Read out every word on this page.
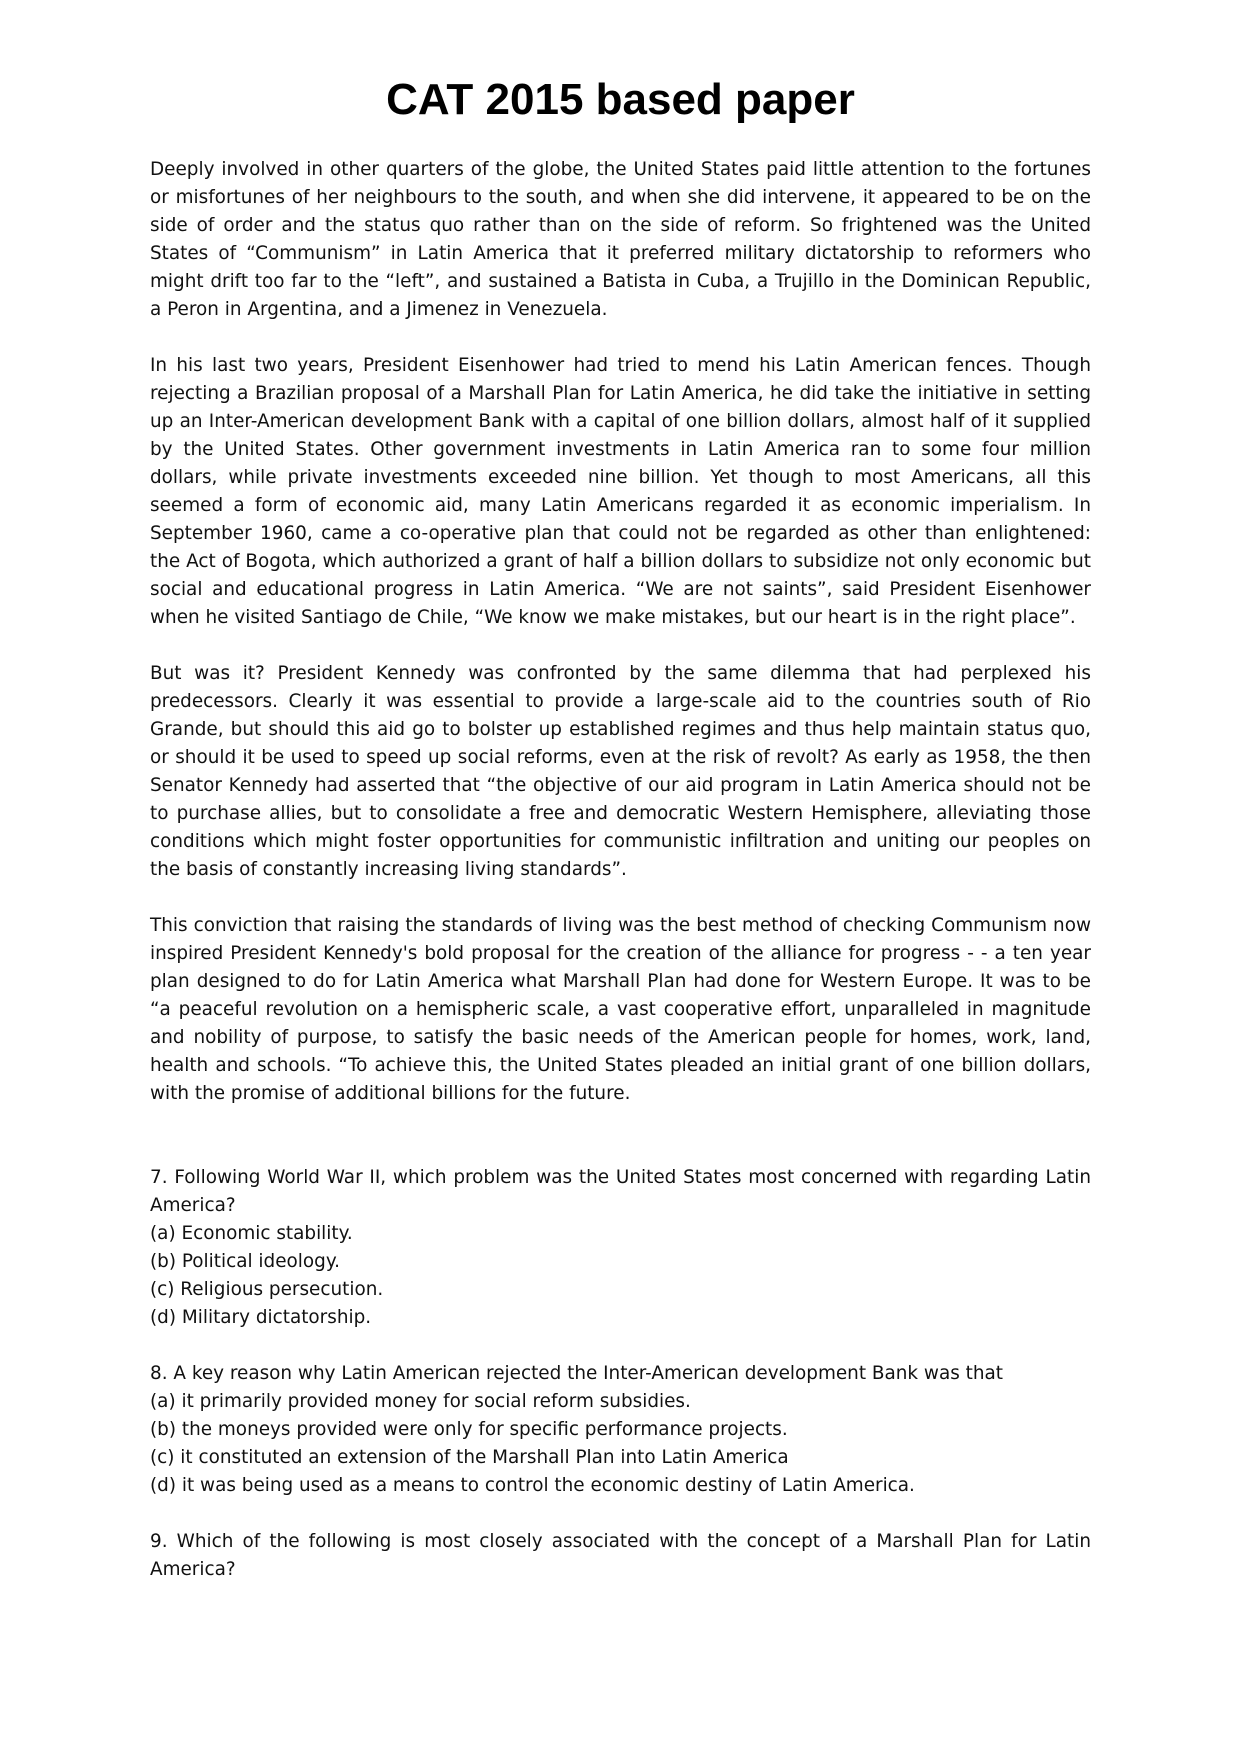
CAT 2015 based paper

Deeply involved in other quarters of the globe, the United States paid little attention to the fortunes or misfortunes of her neighbours to the south, and when she did intervene, it appeared to be on the side of order and the status quo rather than on the side of reform. So frightened was the United States of “Communism” in Latin America that it preferred military dictatorship to reformers who might drift too far to the “left”, and sustained a Batista in Cuba, a Trujillo in the Dominican Republic, a Peron in Argentina, and a Jimenez in Venezuela.

In his last two years, President Eisenhower had tried to mend his Latin American fences. Though rejecting a Brazilian proposal of a Marshall Plan for Latin America, he did take the initiative in setting up an Inter-American development Bank with a capital of one billion dollars, almost half of it supplied by the United States. Other government investments in Latin America ran to some four million dollars, while private investments exceeded nine billion. Yet though to most Americans, all this seemed a form of economic aid, many Latin Americans regarded it as economic imperialism. In September 1960, came a co-operative plan that could not be regarded as other than enlightened: the Act of Bogota, which authorized a grant of half a billion dollars to subsidize not only economic but social and educational progress in Latin America. “We are not saints”, said President Eisenhower when he visited Santiago de Chile, “We know we make mistakes, but our heart is in the right place”.

But was it? President Kennedy was confronted by the same dilemma that had perplexed his predecessors. Clearly it was essential to provide a large-scale aid to the countries south of Rio Grande, but should this aid go to bolster up established regimes and thus help maintain status quo, or should it be used to speed up social reforms, even at the risk of revolt? As early as 1958, the then Senator Kennedy had asserted that “the objective of our aid program in Latin America should not be to purchase allies, but to consolidate a free and democratic Western Hemisphere, alleviating those conditions which might foster opportunities for communistic infiltration and uniting our peoples on the basis of constantly increasing living standards”.

This conviction that raising the standards of living was the best method of checking Communism now inspired President Kennedy's bold proposal for the creation of the alliance for progress - - a ten year plan designed to do for Latin America what Marshall Plan had done for Western Europe. It was to be “a peaceful revolution on a hemispheric scale, a vast cooperative effort, unparalleled in magnitude and nobility of purpose, to satisfy the basic needs of the American people for homes, work, land, health and schools. “To achieve this, the United States pleaded an initial grant of one billion dollars, with the promise of additional billions for the future.

7. Following World War II, which problem was the United States most concerned with regarding Latin America?

(a) Economic stability.

(b) Political ideology.

(c) Religious persecution.

(d) Military dictatorship.

8. A key reason why Latin American rejected the Inter-American development Bank was that

(a) it primarily provided money for social reform subsidies.

(b) the moneys provided were only for specific performance projects.

(c) it constituted an extension of the Marshall Plan into Latin America

(d) it was being used as a means to control the economic destiny of Latin America.

9. Which of the following is most closely associated with the concept of a Marshall Plan for Latin America?
